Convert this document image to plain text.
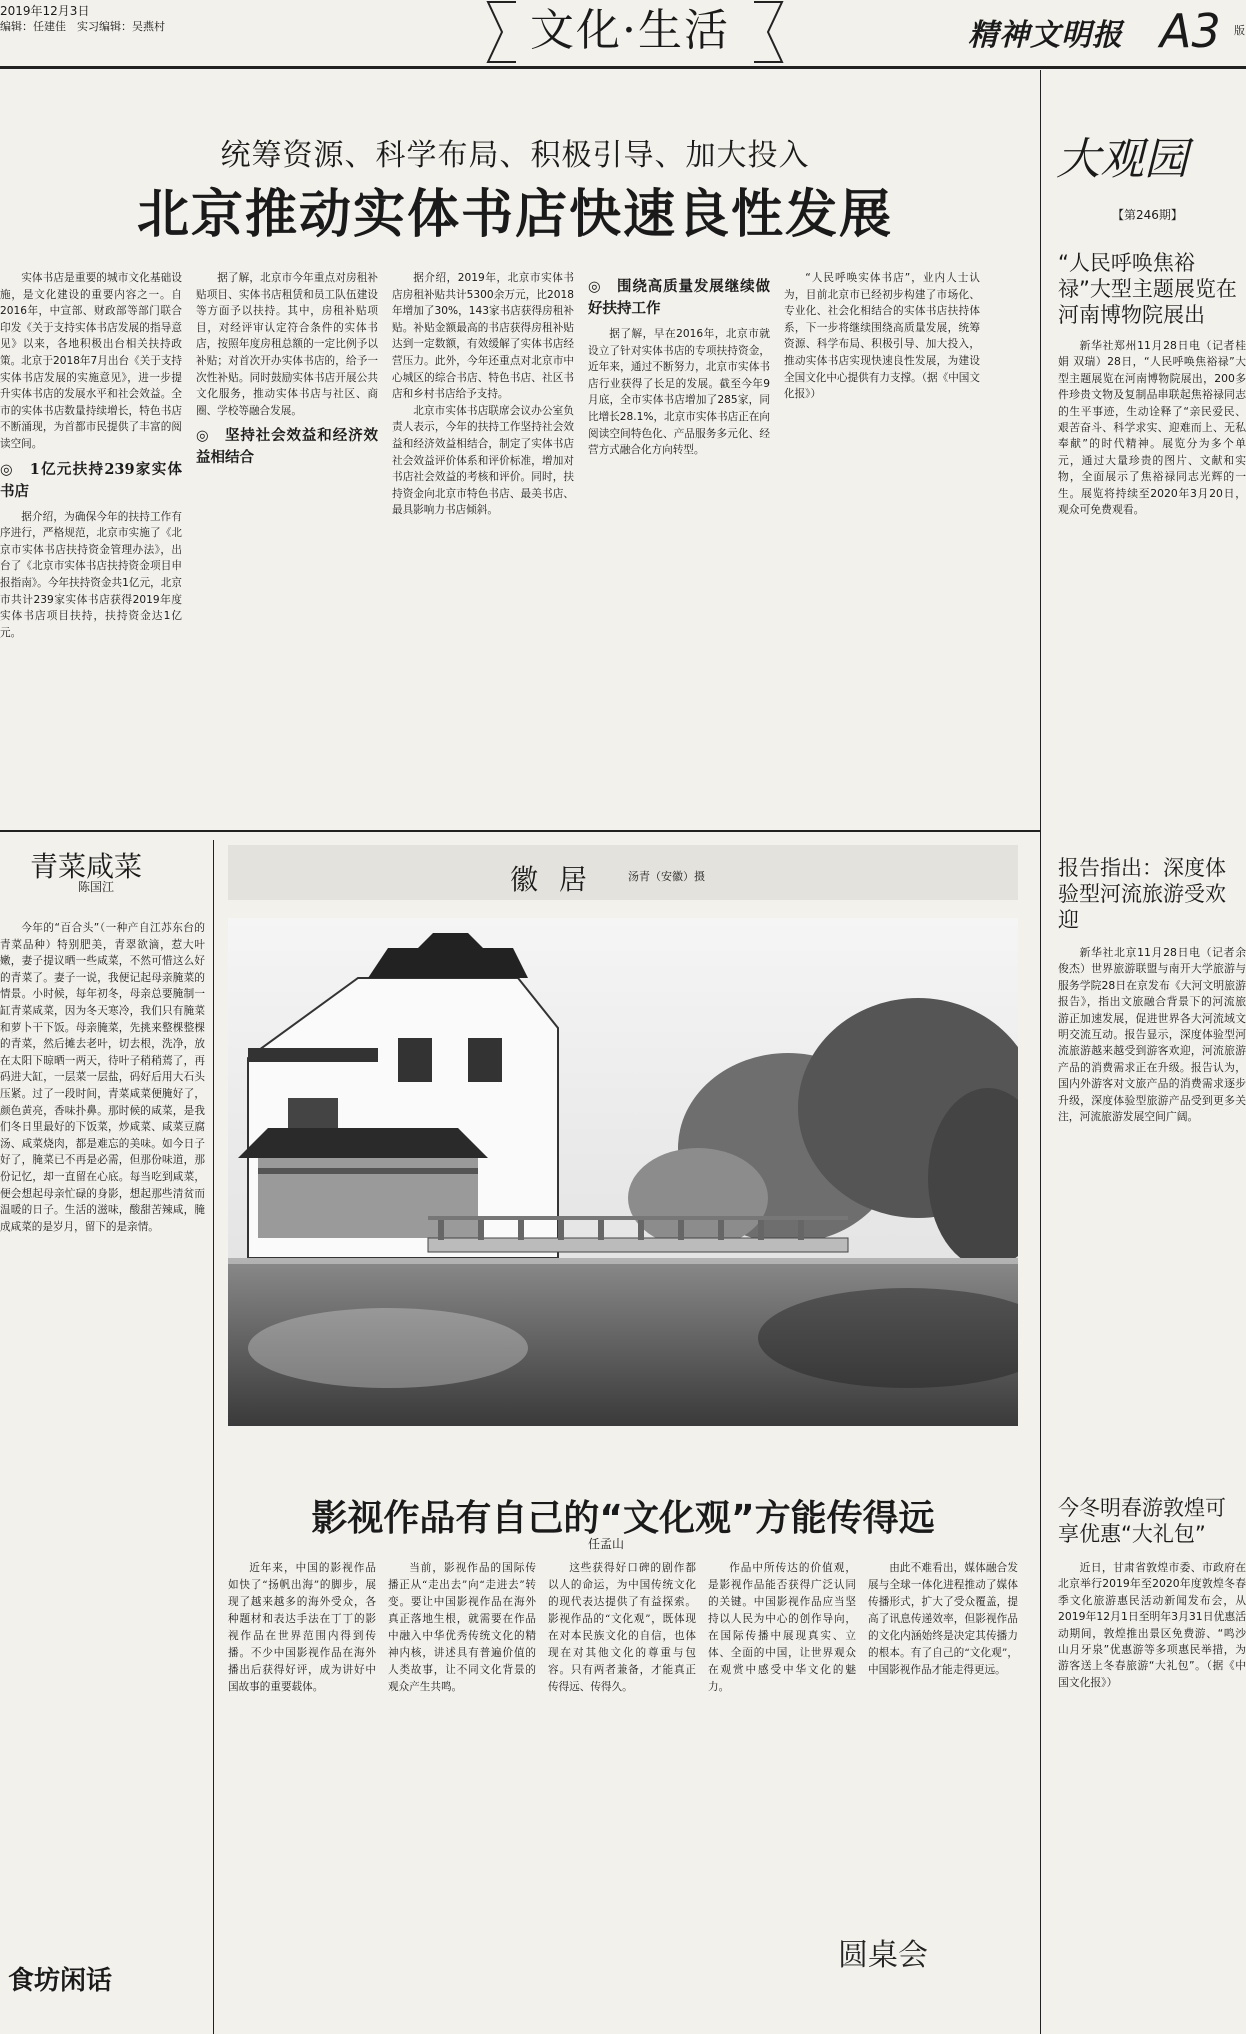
2019年12月3日
编辑：任建佳　实习编辑：吴燕村	文化·生活	精神文明报 A3 版
统筹资源、科学布局、积极引导、加大投入
北京推动实体书店快速良性发展

实体书店是重要的城市文化基础设施，是文化建设的重要内容之一。自2016年，中宣部、财政部等部门联合印发《关于支持实体书店发展的指导意见》以来，各地积极出台相关扶持政策。北京于2018年7月出台《关于支持实体书店发展的实施意见》，进一步提升实体书店的发展水平和社会效益。全市的实体书店数量持续增长，特色书店不断涌现，为首都市民提供了丰富的阅读空间。

◎　1亿元扶持239家实体书店

据介绍，为确保今年的扶持工作有序进行，严格规范，北京市实施了《北京市实体书店扶持资金管理办法》，出台了《北京市实体书店扶持资金项目申报指南》。今年扶持资金共1亿元，北京市共计239家实体书店获得2019年度实体书店项目扶持，扶持资金达1亿元。

据了解，北京市今年重点对房租补贴项目、实体书店租赁和员工队伍建设等方面予以扶持。其中，房租补贴项目，对经评审认定符合条件的实体书店，按照年度房租总额的一定比例予以补贴；对首次开办实体书店的，给予一次性补贴。同时鼓励实体书店开展公共文化服务，推动实体书店与社区、商圈、学校等融合发展。

◎　坚持社会效益和经济效益相结合

据介绍，2019年，北京市实体书店房租补贴共计5300余万元，比2018年增加了30%，143家书店获得房租补贴。补贴金额最高的书店获得房租补贴达到一定数额，有效缓解了实体书店经营压力。此外，今年还重点对北京市中心城区的综合书店、特色书店、社区书店和乡村书店给予支持。

北京市实体书店联席会议办公室负责人表示，今年的扶持工作坚持社会效益和经济效益相结合，制定了实体书店社会效益评价体系和评价标准，增加对书店社会效益的考核和评价。同时，扶持资金向北京市特色书店、最美书店、最具影响力书店倾斜。

◎　围绕高质量发展继续做好扶持工作

据了解，早在2016年，北京市就设立了针对实体书店的专项扶持资金，近年来，通过不断努力，北京市实体书店行业获得了长足的发展。截至今年9月底，全市实体书店增加了285家，同比增长28.1%，北京市实体书店正在向阅读空间特色化、产品服务多元化、经营方式融合化方向转型。

“人民呼唤实体书店”，业内人士认为，目前北京市已经初步构建了市场化、专业化、社会化相结合的实体书店扶持体系，下一步将继续围绕高质量发展，统筹资源、科学布局、积极引导、加大投入，推动实体书店实现快速良性发展，为建设全国文化中心提供有力支撑。（据《中国文化报》）

大观园
【第246期】
“人民呼唤焦裕禄”大型主题展览在河南博物院展出

新华社郑州11月28日电（记者桂娟 双瑞）28日，“人民呼唤焦裕禄”大型主题展览在河南博物院展出，200多件珍贵文物及复制品串联起焦裕禄同志的生平事迹，生动诠释了“亲民爱民、艰苦奋斗、科学求实、迎难而上、无私奉献”的时代精神。展览分为多个单元，通过大量珍贵的图片、文献和实物，全面展示了焦裕禄同志光辉的一生。展览将持续至2020年3月20日，观众可免费观看。

报告指出：深度体验型河流旅游受欢迎

新华社北京11月28日电（记者余俊杰）世界旅游联盟与南开大学旅游与服务学院28日在京发布《大河文明旅游报告》，指出文旅融合背景下的河流旅游正加速发展，促进世界各大河流域文明交流互动。报告显示，深度体验型河流旅游越来越受到游客欢迎，河流旅游产品的消费需求正在升级。报告认为，国内外游客对文旅产品的消费需求逐步升级，深度体验型旅游产品受到更多关注，河流旅游发展空间广阔。

今冬明春游敦煌可享优惠“大礼包”

近日，甘肃省敦煌市委、市政府在北京举行2019年至2020年度敦煌冬春季文化旅游惠民活动新闻发布会，从2019年12月1日至明年3月31日优惠活动期间，敦煌推出景区免费游、“鸣沙山月牙泉”优惠游等多项惠民举措，为游客送上冬春旅游“大礼包”。（据《中国文化报》）

青菜咸菜
陈国江

今年的“百合头”（一种产自江苏东台的青菜品种）特别肥美，青翠欲滴，惹大叶嫩，妻子提议晒一些咸菜，不然可惜这么好的青菜了。妻子一说，我便记起母亲腌菜的情景。小时候，每年初冬，母亲总要腌制一缸青菜咸菜，因为冬天寒冷，我们只有腌菜和萝卜干下饭。母亲腌菜，先挑来整棵整棵的青菜，然后摊去老叶，切去根，洗净，放在太阳下晾晒一两天，待叶子稍稍蔫了，再码进大缸，一层菜一层盐，码好后用大石头压紧。过了一段时间，青菜咸菜便腌好了，颜色黄亮，香味扑鼻。那时候的咸菜，是我们冬日里最好的下饭菜，炒咸菜、咸菜豆腐汤、咸菜烧肉，都是难忘的美味。如今日子好了，腌菜已不再是必需，但那份味道，那份记忆，却一直留在心底。每当吃到咸菜，便会想起母亲忙碌的身影，想起那些清贫而温暖的日子。生活的滋味，酸甜苦辣咸，腌成咸菜的是岁月，留下的是亲情。

食坊闲话
徽 居	汤青（安徽）摄
影视作品有自己的“文化观”方能传得远
任孟山

近年来，中国的影视作品如快了“扬帆出海”的脚步，展现了越来越多的海外受众，各种题材和表达手法在丁丁的影视作品在世界范围内得到传播。不少中国影视作品在海外播出后获得好评，成为讲好中国故事的重要载体。

当前，影视作品的国际传播正从“走出去”向“走进去”转变。要让中国影视作品在海外真正落地生根，就需要在作品中融入中华优秀传统文化的精神内核，讲述具有普遍价值的人类故事，让不同文化背景的观众产生共鸣。

这些获得好口碑的剧作都以人的命运，为中国传统文化的现代表达提供了有益探索。影视作品的“文化观”，既体现在对本民族文化的自信，也体现在对其他文化的尊重与包容。只有两者兼备，才能真正传得远、传得久。

作品中所传达的价值观，是影视作品能否获得广泛认同的关键。中国影视作品应当坚持以人民为中心的创作导向，在国际传播中展现真实、立体、全面的中国，让世界观众在观赏中感受中华文化的魅力。

由此不难看出，媒体融合发展与全球一体化进程推动了媒体传播形式，扩大了受众覆盖，提高了讯息传递效率，但影视作品的文化内涵始终是决定其传播力的根本。有了自己的“文化观”，中国影视作品才能走得更远。

圆桌会
